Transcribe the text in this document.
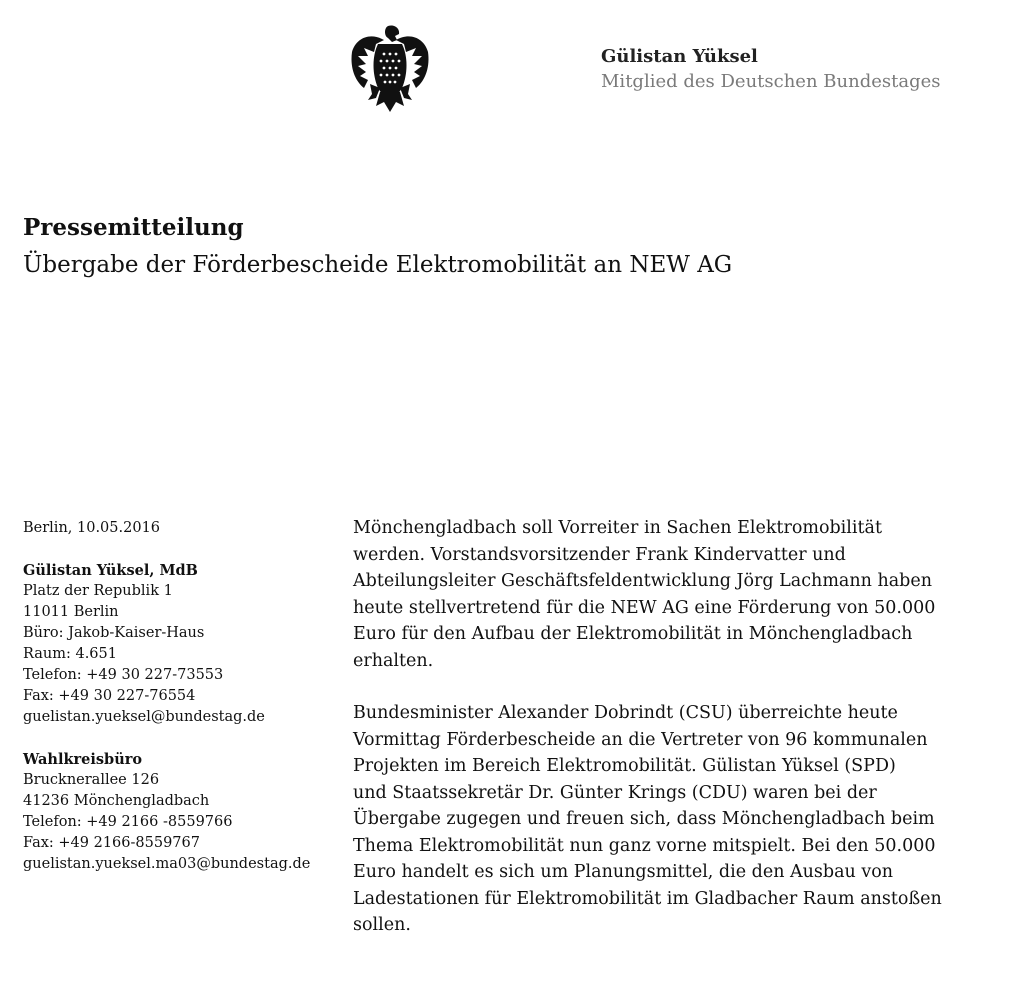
Gülistan Yüksel
Mitglied des Deutschen Bundestages
Pressemitteilung
Übergabe der Förderbescheide Elektromobilität an NEW AG
Berlin, 10.05.2016
Gülistan Yüksel, MdB
Platz der Republik 1
11011 Berlin
Büro: Jakob-Kaiser-Haus
Raum: 4.651
Telefon: +49 30 227-73553
Fax: +49 30 227-76554
guelistan.yueksel@bundestag.de
Wahlkreisbüro
Brucknerallee 126
41236 Mönchengladbach
Telefon: +49 2166 -8559766
Fax: +49 2166-8559767
guelistan.yueksel.ma03@bundestag.de
Mönchengladbach soll Vorreiter in Sachen Elektromobilität
werden. Vorstandsvorsitzender Frank Kindervatter und
Abteilungsleiter Geschäftsfeldentwicklung Jörg Lachmann haben
heute stellvertretend für die NEW AG eine Förderung von 50.000
Euro für den Aufbau der Elektromobilität in Mönchengladbach
erhalten.
Bundesminister Alexander Dobrindt (CSU) überreichte heute
Vormittag Förderbescheide an die Vertreter von 96 kommunalen
Projekten im Bereich Elektromobilität. Gülistan Yüksel (SPD)
und Staatssekretär Dr. Günter Krings (CDU) waren bei der
Übergabe zugegen und freuen sich, dass Mönchengladbach beim
Thema Elektromobilität nun ganz vorne mitspielt. Bei den 50.000
Euro handelt es sich um Planungsmittel, die den Ausbau von
Ladestationen für Elektromobilität im Gladbacher Raum anstoßen
sollen.
